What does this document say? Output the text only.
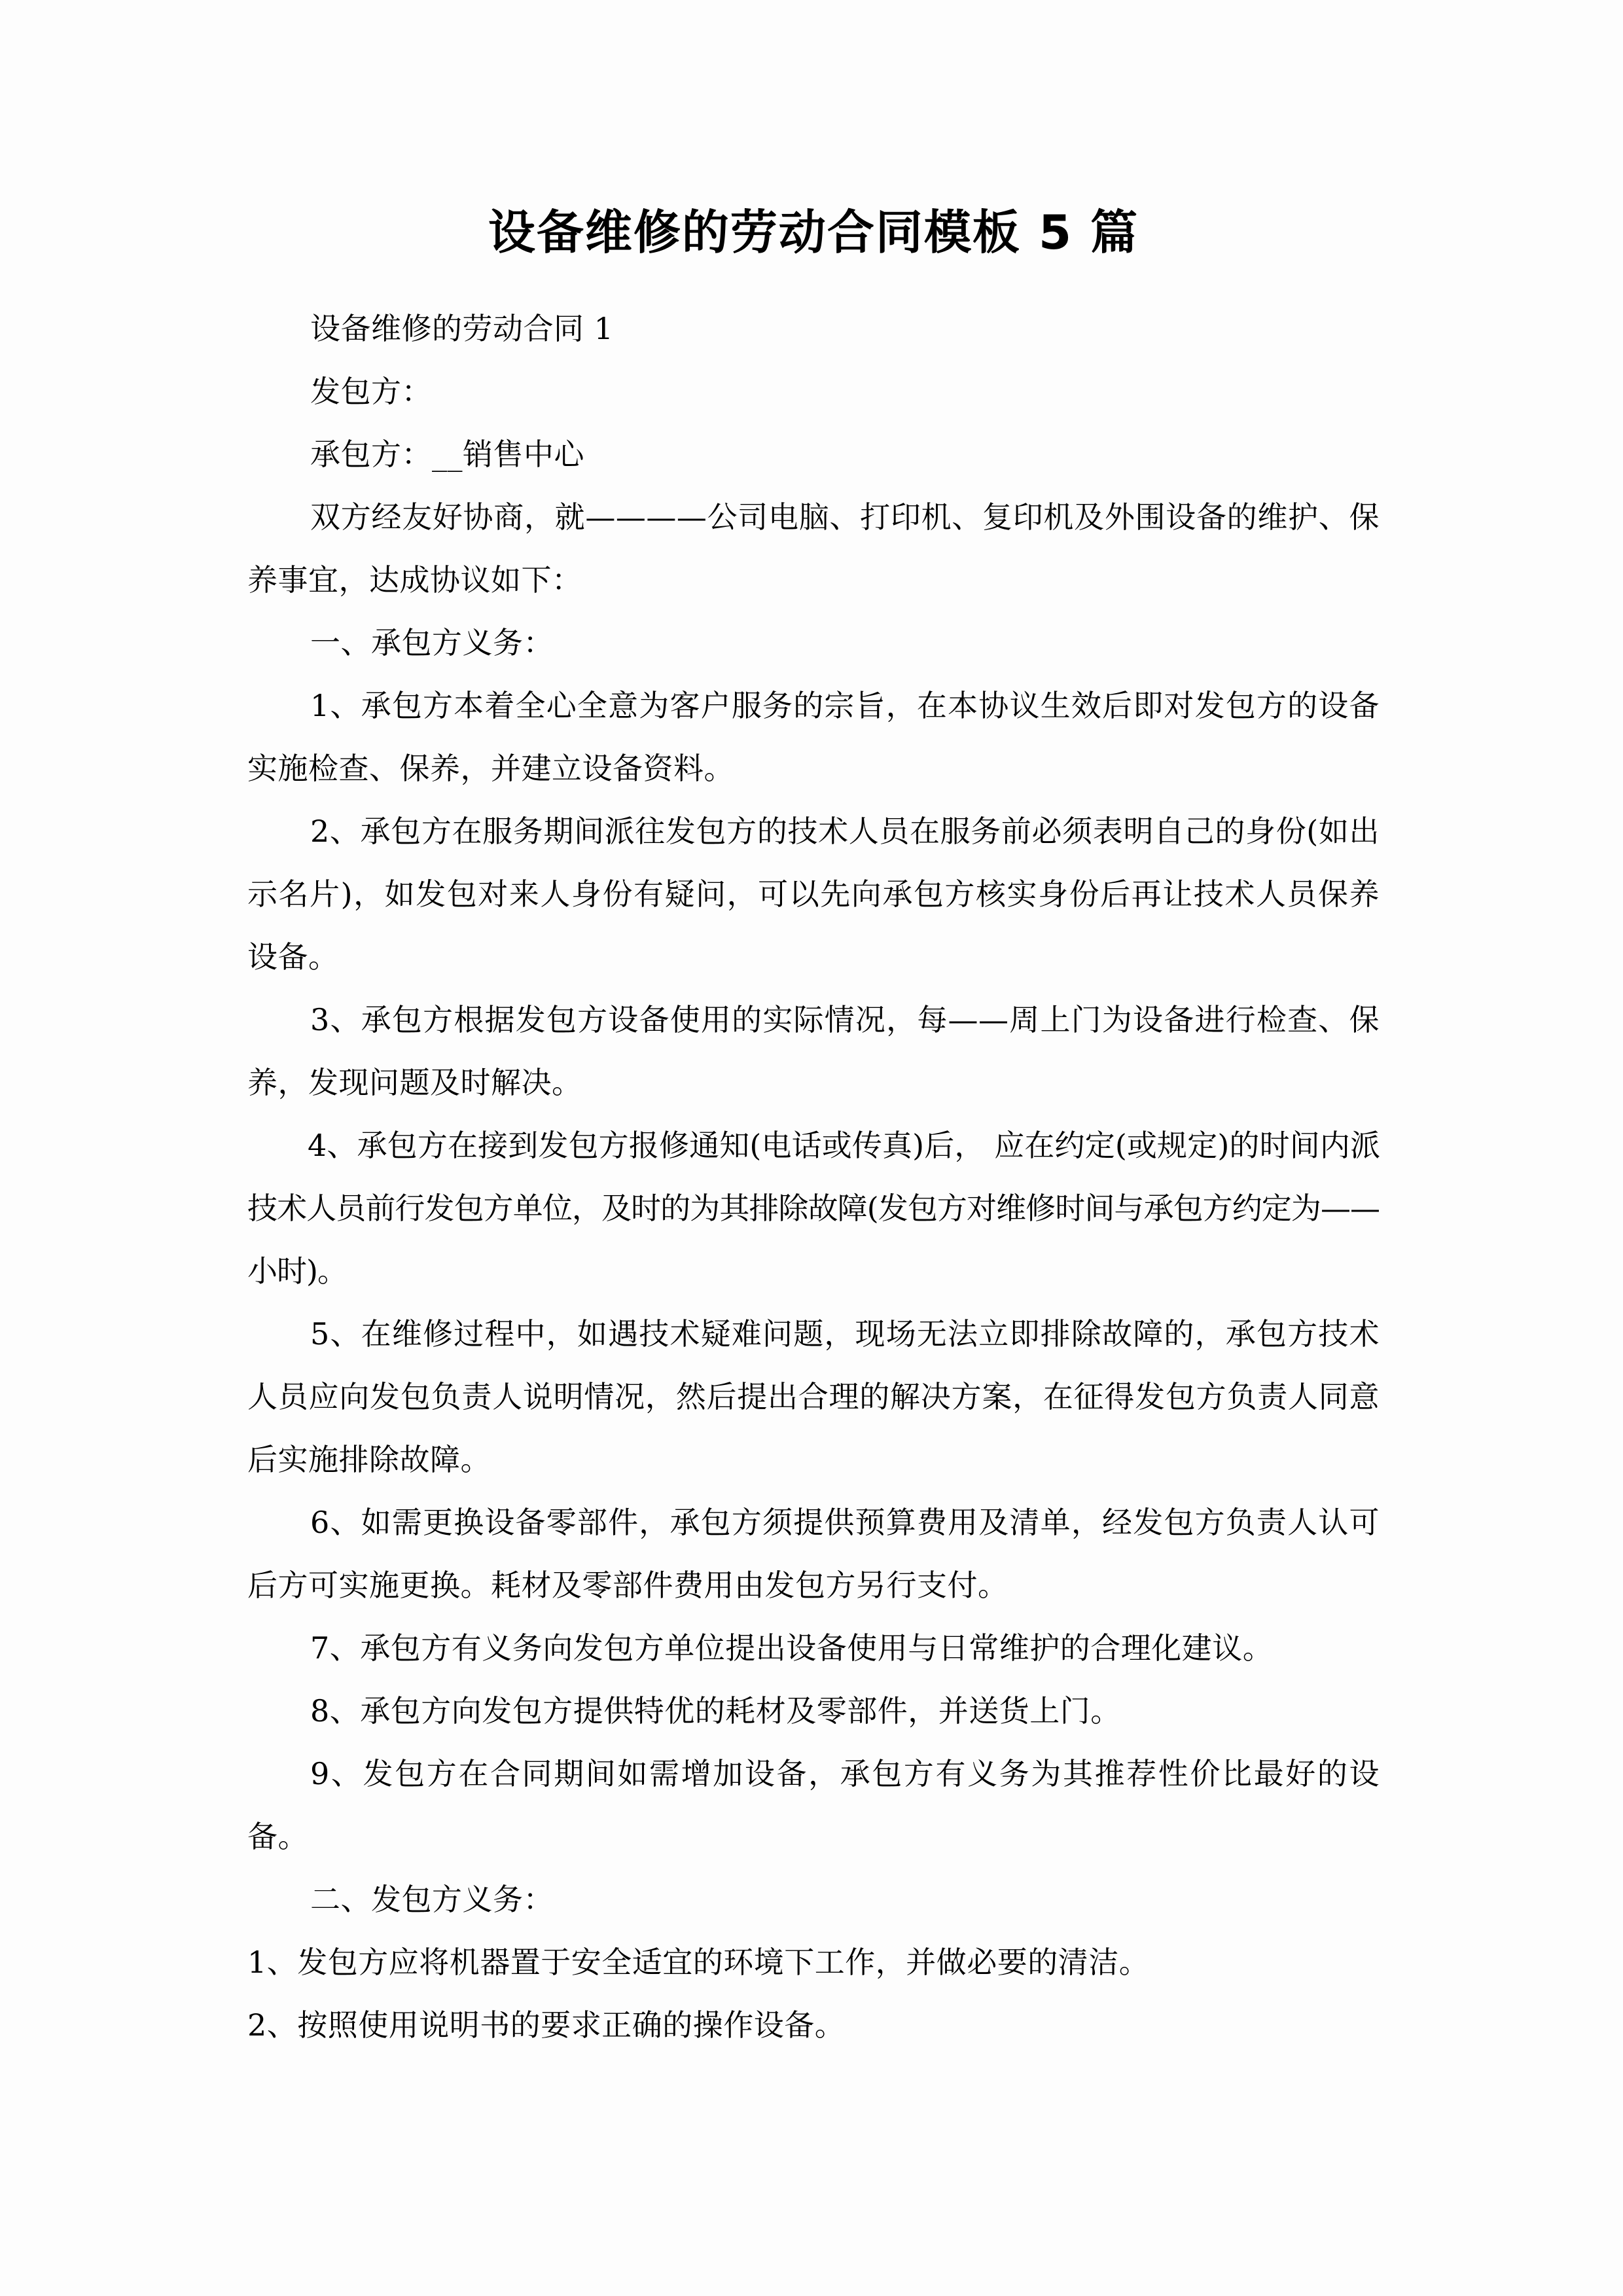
设备维修的劳动合同模板 5 篇

设备维修的劳动合同 1

发包方：

承包方：__销售中心

双方经友好协商，就————公司电脑、打印机、复印机及外围设备的维护、保养事宜，达成协议如下：

一、承包方义务：

1、承包方本着全心全意为客户服务的宗旨，在本协议生效后即对发包方的设备实施检查、保养，并建立设备资料。

2、承包方在服务期间派往发包方的技术人员在服务前必须表明自己的身份(如出示名片)，如发包对来人身份有疑问，可以先向承包方核实身份后再让技术人员保养设备。

3、承包方根据发包方设备使用的实际情况，每——周上门为设备进行检查、保养，发现问题及时解决。

4、承包方在接到发包方报修通知(电话或传真)后， 应在约定(或规定)的时间内派技术人员前行发包方单位，及时的为其排除故障(发包方对维修时间与承包方约定为——小时)。

5、在维修过程中，如遇技术疑难问题，现场无法立即排除故障的，承包方技术人员应向发包负责人说明情况，然后提出合理的解决方案，在征得发包方负责人同意后实施排除故障。

6、如需更换设备零部件，承包方须提供预算费用及清单，经发包方负责人认可后方可实施更换。耗材及零部件费用由发包方另行支付。

7、承包方有义务向发包方单位提出设备使用与日常维护的合理化建议。

8、承包方向发包方提供特优的耗材及零部件，并送货上门。

9、发包方在合同期间如需增加设备，承包方有义务为其推荐性价比最好的设备。

二、发包方义务：

1、发包方应将机器置于安全适宜的环境下工作，并做必要的清洁。

2、按照使用说明书的要求正确的操作设备。
